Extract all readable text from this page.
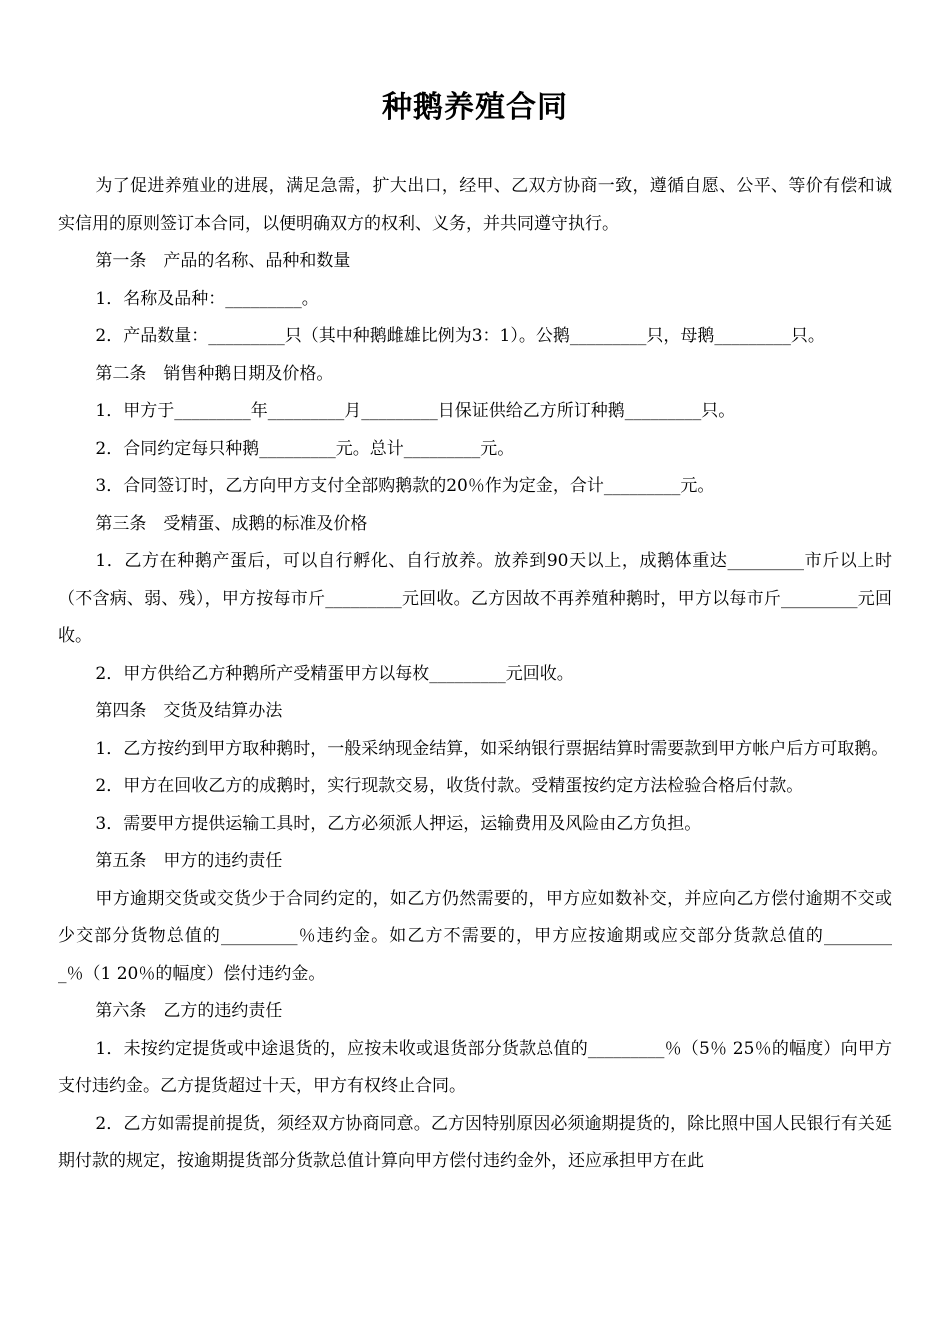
种鹅养殖合同

为了促进养殖业的进展，满足急需，扩大出口，经甲、乙双方协商一致，遵循自愿、公平、等价有偿和诚实信用的原则签订本合同，以便明确双方的权利、义务，并共同遵守执行。

第一条　产品的名称、品种和数量

1．名称及品种：_________。

2．产品数量：_________只（其中种鹅雌雄比例为3：1）。公鹅_________只，母鹅_________只。

第二条　销售种鹅日期及价格。

1．甲方于_________年_________月_________日保证供给乙方所订种鹅_________只。

2．合同约定每只种鹅_________元。总计_________元。

3．合同签订时，乙方向甲方支付全部购鹅款的20％作为定金，合计_________元。

第三条　受精蛋、成鹅的标准及价格

1．乙方在种鹅产蛋后，可以自行孵化、自行放养。放养到90天以上，成鹅体重达_________市斤以上时（不含病、弱、残），甲方按每市斤_________元回收。乙方因故不再养殖种鹅时，甲方以每市斤_________元回收。

2．甲方供给乙方种鹅所产受精蛋甲方以每枚_________元回收。

第四条　交货及结算办法

1．乙方按约到甲方取种鹅时，一般采纳现金结算，如采纳银行票据结算时需要款到甲方帐户后方可取鹅。

2．甲方在回收乙方的成鹅时，实行现款交易，收货付款。受精蛋按约定方法检验合格后付款。

3．需要甲方提供运输工具时，乙方必须派人押运，运输费用及风险由乙方负担。

第五条　甲方的违约责任

甲方逾期交货或交货少于合同约定的，如乙方仍然需要的，甲方应如数补交，并应向乙方偿付逾期不交或少交部分货物总值的_________％违约金。如乙方不需要的，甲方应按逾期或应交部分货款总值的_________％（1 20％的幅度）偿付违约金。

第六条　乙方的违约责任

1．未按约定提货或中途退货的，应按未收或退货部分货款总值的_________％（5％ 25％的幅度）向甲方支付违约金。乙方提货超过十天，甲方有权终止合同。

2．乙方如需提前提货，须经双方协商同意。乙方因特别原因必须逾期提货的，除比照中国人民银行有关延期付款的规定，按逾期提货部分货款总值计算向甲方偿付违约金外，还应承担甲方在此
